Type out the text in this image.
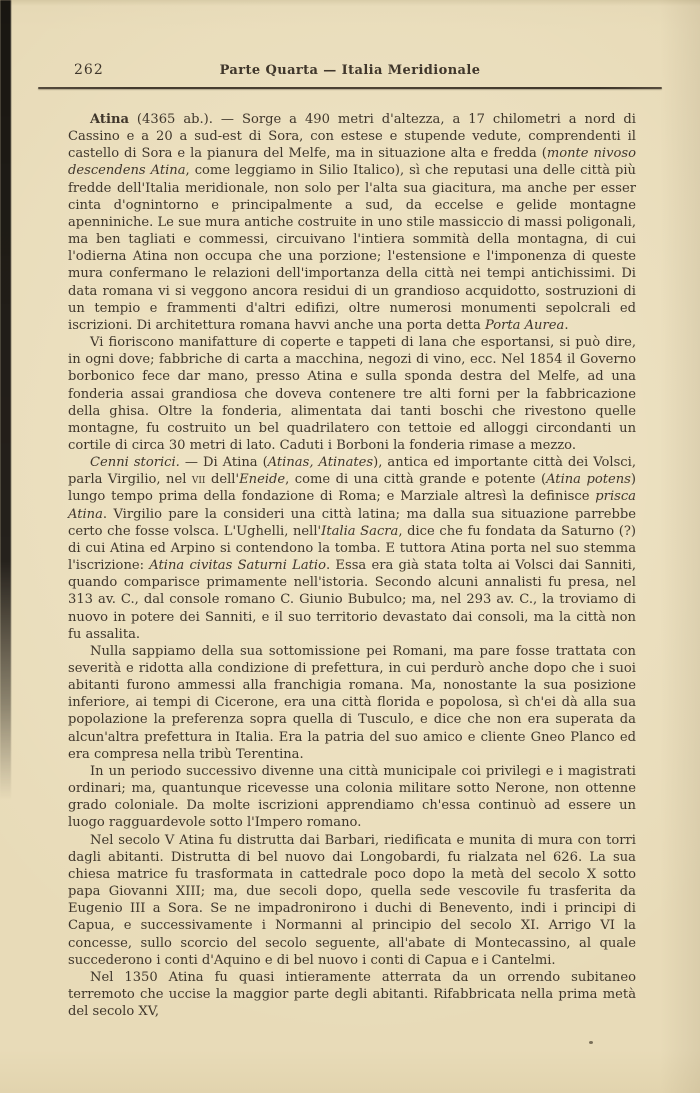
262	Parte Quarta — Italia Meridionale

Atina (4365 ab.). — Sorge a 490 metri d'altezza, a 17 chilometri a nord di Cassino e a 20 a sud-est di Sora, con estese e stupende vedute, comprendenti il castello di Sora e la pianura del Melfe, ma in situazione alta e fredda (monte nivoso descendens Atina, come leggiamo in Silio Italico), sì che reputasi una delle città più fredde dell'Italia meridionale, non solo per l'alta sua giacitura, ma anche per esser cinta d'ognintorno e principalmente a sud, da eccelse e gelide montagne apenniniche. Le sue mura antiche costruite in uno stile massiccio di massi poligonali, ma ben tagliati e commessi, circuivano l'intiera sommità della montagna, di cui l'odierna Atina non occupa che una porzione; l'estensione e l'imponenza di queste mura confermano le relazioni dell'importanza della città nei tempi antichissimi. Di data romana vi si veggono ancora residui di un grandioso acquidotto, sostruzioni di un tempio e frammenti d'altri edifizi, oltre numerosi monumenti sepolcrali ed iscrizioni. Di architettura romana havvi anche una porta detta Porta Aurea.

Vi fioriscono manifatture di coperte e tappeti di lana che esportansi, si può dire, in ogni dove; fabbriche di carta a macchina, negozi di vino, ecc. Nel 1854 il Governo borbonico fece dar mano, presso Atina e sulla sponda destra del Melfe, ad una fonderia assai grandiosa che doveva contenere tre alti forni per la fabbricazione della ghisa. Oltre la fonderia, alimentata dai tanti boschi che rivestono quelle montagne, fu costruito un bel quadrilatero con tettoie ed alloggi circondanti un cortile di circa 30 metri di lato. Caduti i Borboni la fonderia rimase a mezzo.

Cenni storici. — Di Atina (Atinas, Atinates), antica ed importante città dei Volsci, parla Virgilio, nel vii dell'Eneide, come di una città grande e potente (Atina potens) lungo tempo prima della fondazione di Roma; e Marziale altresì la definisce prisca Atina. Virgilio pare la consideri una città latina; ma dalla sua situazione parrebbe certo che fosse volsca. L'Ughelli, nell'Italia Sacra, dice che fu fondata da Saturno (?) di cui Atina ed Arpino si contendono la tomba. E tuttora Atina porta nel suo stemma l'iscrizione: Atina civitas Saturni Latio. Essa era già stata tolta ai Volsci dai Sanniti, quando comparisce primamente nell'istoria. Secondo alcuni annalisti fu presa, nel 313 av. C., dal console romano C. Giunio Bubulco; ma, nel 293 av. C., la troviamo di nuovo in potere dei Sanniti, e il suo territorio devastato dai consoli, ma la città non fu assalita.

Nulla sappiamo della sua sottomissione pei Romani, ma pare fosse trattata con severità e ridotta alla condizione di prefettura, in cui perdurò anche dopo che i suoi abitanti furono ammessi alla franchigia romana. Ma, nonostante la sua posizione inferiore, ai tempi di Cicerone, era una città florida e popolosa, sì ch'ei dà alla sua popolazione la preferenza sopra quella di Tusculo, e dice che non era superata da alcun'altra prefettura in Italia. Era la patria del suo amico e cliente Gneo Planco ed era compresa nella tribù Terentina.

In un periodo successivo divenne una città municipale coi privilegi e i magistrati ordinari; ma, quantunque ricevesse una colonia militare sotto Nerone, non ottenne grado coloniale. Da molte iscrizioni apprendiamo ch'essa continuò ad essere un luogo ragguardevole sotto l'Impero romano.

Nel secolo V Atina fu distrutta dai Barbari, riedificata e munita di mura con torri dagli abitanti. Distrutta di bel nuovo dai Longobardi, fu rialzata nel 626. La sua chiesa matrice fu trasformata in cattedrale poco dopo la metà del secolo X sotto papa Giovanni XIII; ma, due secoli dopo, quella sede vescovile fu trasferita da Eugenio III a Sora. Se ne impadronirono i duchi di Benevento, indi i principi di Capua, e successivamente i Normanni al principio del secolo XI. Arrigo VI la concesse, sullo scorcio del secolo seguente, all'abate di Montecassino, al quale succederono i conti d'Aquino e di bel nuovo i conti di Capua e i Cantelmi.

Nel 1350 Atina fu quasi intieramente atterrata da un orrendo subitaneo terremoto che uccise la maggior parte degli abitanti. Rifabbricata nella prima metà del secolo XV,
